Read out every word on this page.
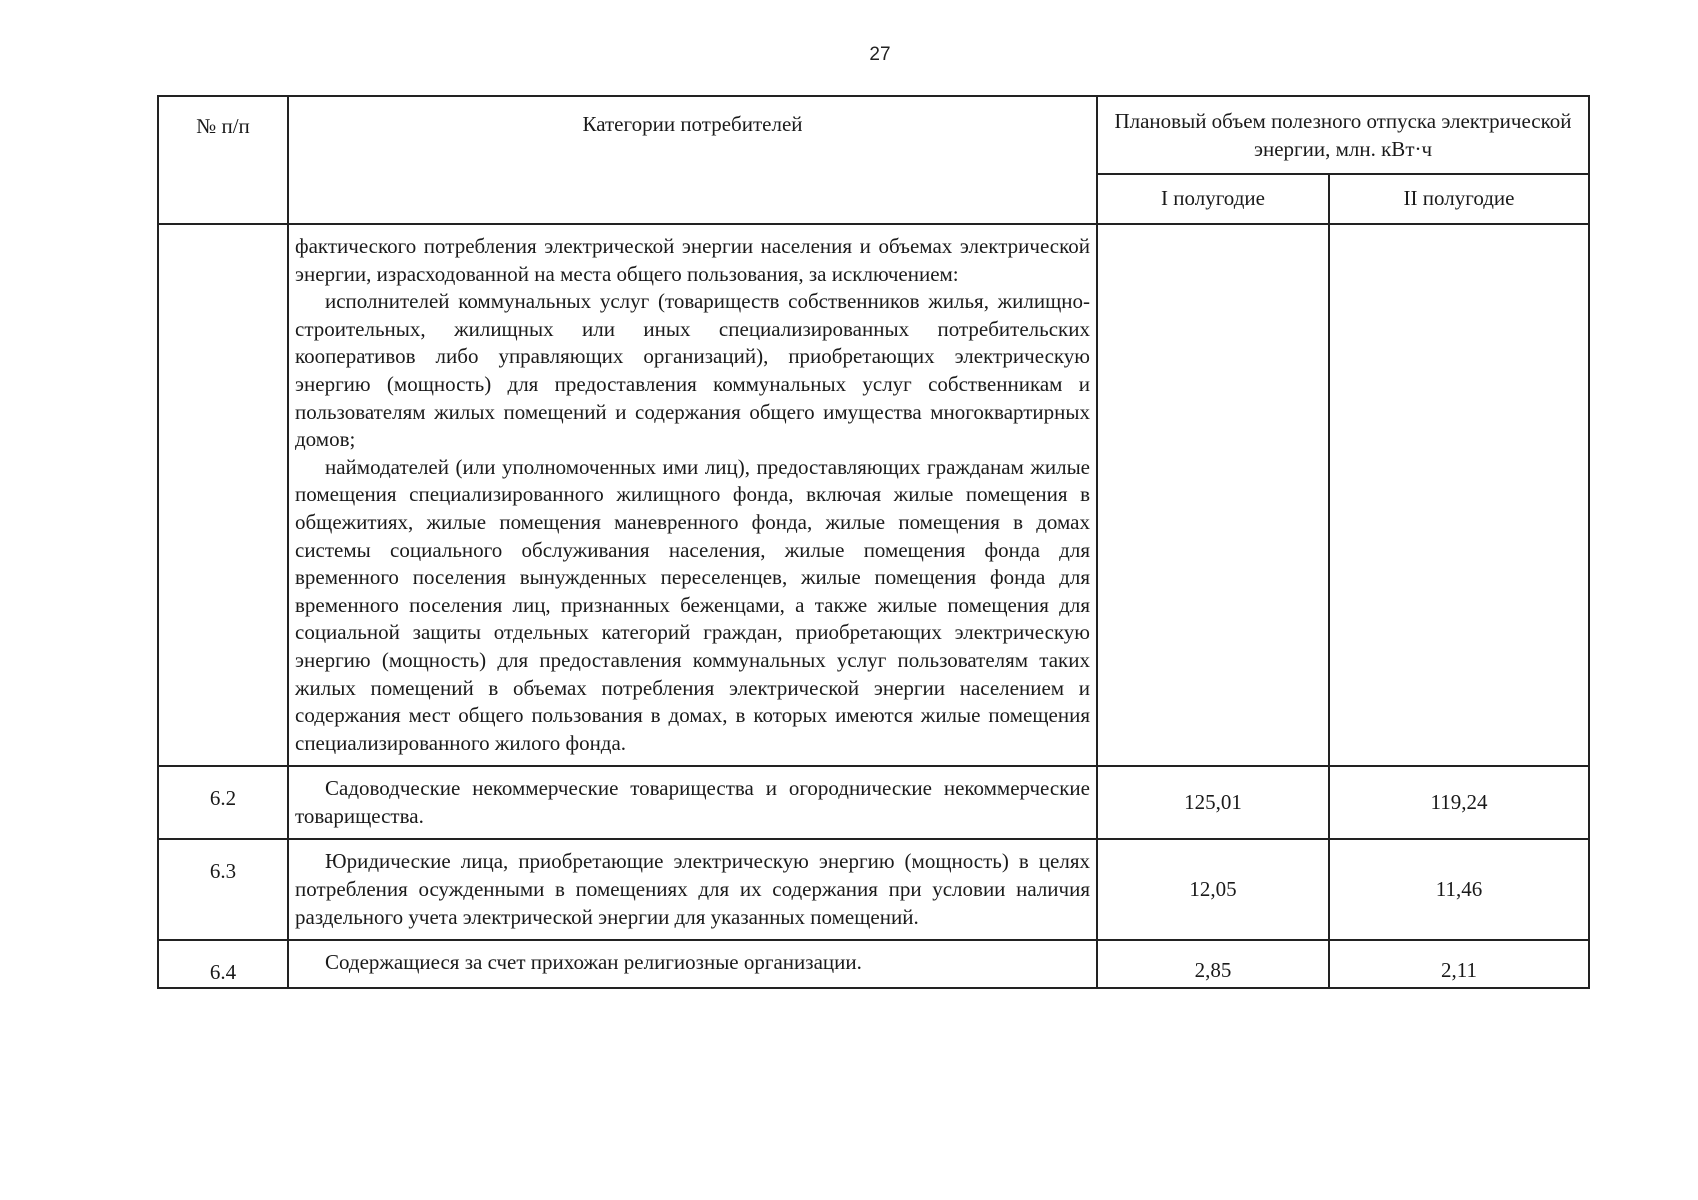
27
№ п/п	Категории потребителей	Плановый объем полезного отпуска электрической энергии, млн. кВт·ч	
		I полугодие	II полугодие

	фактического потребления электрической энергии населения и объемах электрической энергии, израсходованной на места общего пользования, за исключением:

исполнителей коммунальных услуг (товариществ собственников жилья, жилищно-строительных, жилищных или иных специализированных потребительских кооперативов либо управляющих организаций), приобретающих электрическую энергию (мощность) для предоставления коммунальных услуг собственникам и пользователям жилых помещений и содержания общего имущества многоквартирных домов;

наймодателей (или уполномоченных ими лиц), предоставляющих гражданам жилые помещения специализированного жилищного фонда, включая жилые помещения в общежитиях, жилые помещения маневренного фонда, жилые помещения в домах системы социального обслуживания населения, жилые помещения фонда для временного поселения вынужденных переселенцев, жилые помещения фонда для временного поселения лиц, признанных беженцами, а также жилые помещения для социальной защиты отдельных категорий граждан, приобретающих электрическую энергию (мощность) для предоставления коммунальных услуг пользователям таких жилых помещений в объемах потребления электрической энергии населением и содержания мест общего пользования в домах, в которых имеются жилые помещения специализированного жилого фонда.		

6.2	Садоводческие некоммерческие товарищества и огороднические некоммерческие товарищества.	125,01	119,24
6.3	Юридические лица, приобретающие электрическую энергию (мощность) в целях потребления осужденными в помещениях для их содержания при условии наличия раздельного учета электрической энергии для указанных помещений.	12,05	11,46
6.4	Содержащиеся за счет прихожан религиозные организации.	2,85	2,11
